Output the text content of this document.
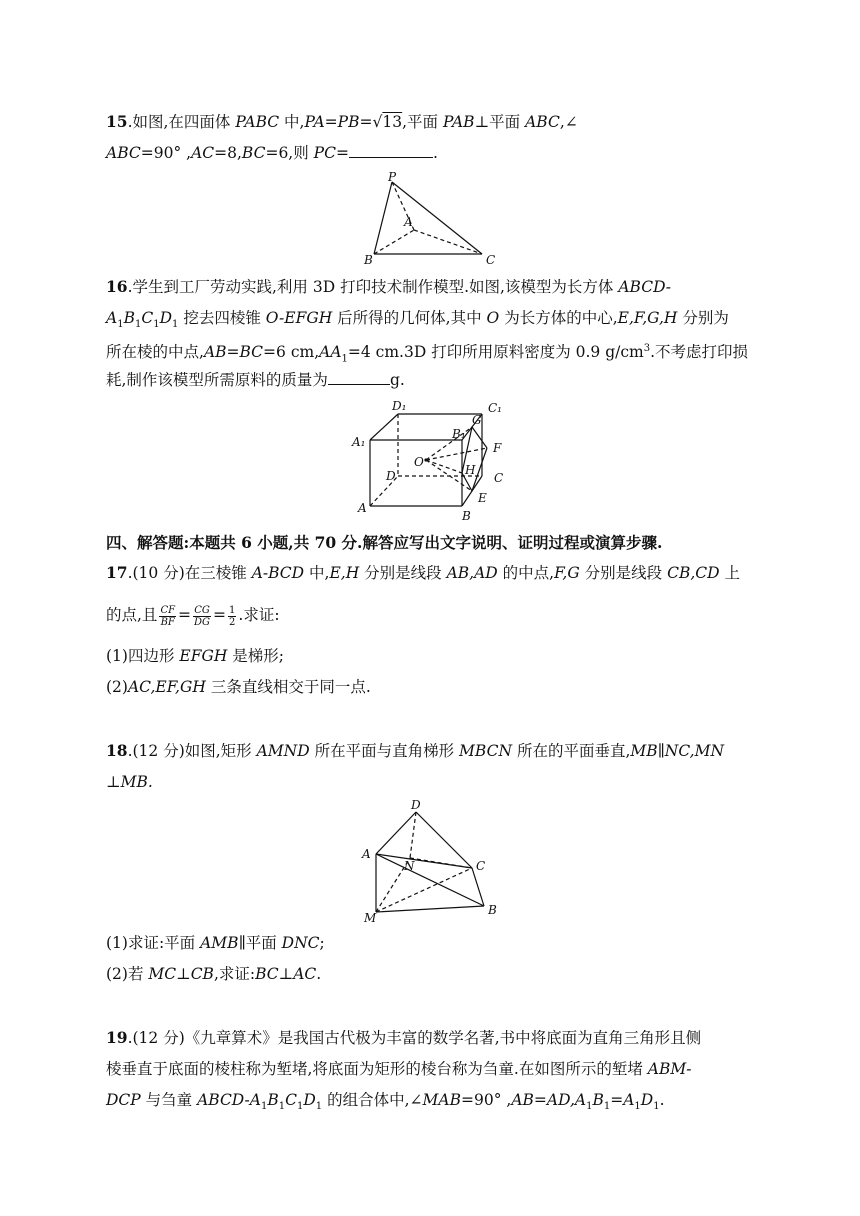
15.如图,在四面体 PABC 中,PA=PB=√13,平面 PAB⊥平面 ABC,∠
ABC=90° ,AC=8,BC=6,则 PC=	.
P
A
B	C
16.学生到工厂劳动实践,利用 3D 打印技术制作模型.如图,该模型为长方体 ABCD-
$A_1B_1C_1D_1$ 挖去四棱锥 O-EFGH 后所得的几何体,其中 O 为长方体的中心,E,F,G,H 分别为
所在棱的中点,AB=BC=6 $cm,AA_1=4$ cm.3D 打印所用原料密度为 0.9 $g/cm^3$.不考虑打印损
耗,制作该模型所需原料的质量为	g.
D₁	C₁
A₁
B₁
G
F
O
H
D	C
A
E
B
四、解答题:本题共 6 小题,共 70 分.解答应写出文字说明、证明过程或演算步骤.
17.(10 分)在三棱锥 A-BCD 中,E,H 分别是线段 AB,AD 的中点,F,G 分别是线段 CB,CD 上
的点,且 $\frac{CF}{BF} = \frac{CG}{DG} = \frac{1}{2}$ .求证:
(1)四边形 EFGH 是梯形;
(2)AC,EF,GH 三条直线相交于同一点.
18.(12 分)如图,矩形 AMND 所在平面与直角梯形 MBCN 所在的平面垂直,MB∥NC,MN
⊥MB.
D
A
N	C
M
B
(1)求证:平面 AMB∥平面 DNC;
(2)若 MC⊥CB,求证:BC⊥AC.
19.(12 分)《九章算术》是我国古代极为丰富的数学名著,书中将底面为直角三角形且侧
棱垂直于底面的棱柱称为堑堵,将底面为矩形的棱台称为刍童.在如图所示的堑堵 ABM-
DCP 与刍童 ABCD-$A_1B_1C_1D_1$ 的组合体中,∠MAB=90° $,AB=AD,A_1B_1=A_1D_1$.
